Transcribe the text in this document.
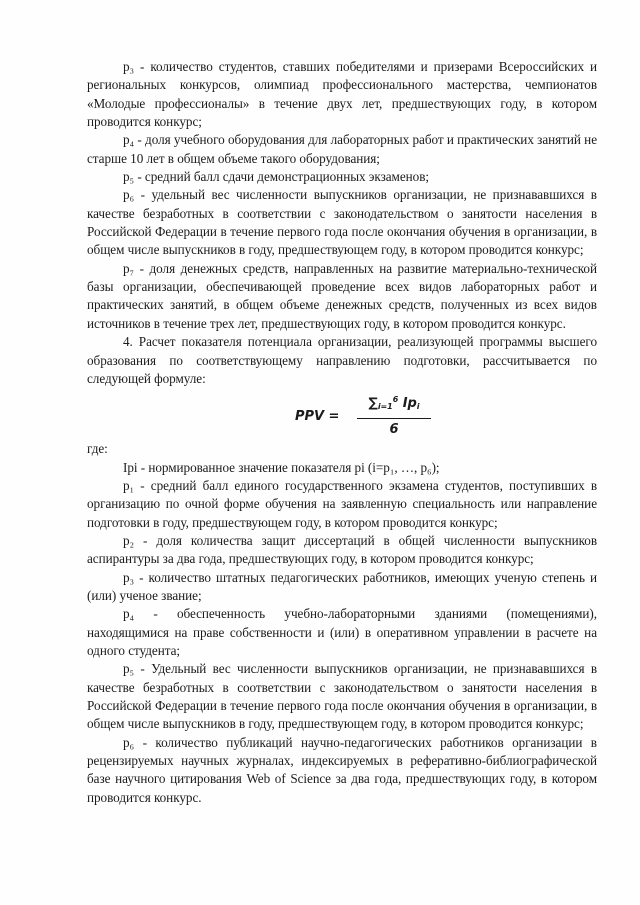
р₃ - количество студентов, ставших победителями и призерами Всероссийских и региональных конкурсов, олимпиад профессионального мастерства, чемпионатов «Молодые профессионалы» в течение двух лет, предшествующих году, в котором проводится конкурс;

р₄ - доля учебного оборудования для лабораторных работ и практических занятий не старше 10 лет в общем объеме такого оборудования;

р₅ - средний балл сдачи демонстрационных экзаменов;

р₆ - удельный вес численности выпускников организации, не признававшихся в качестве безработных в соответствии с законодательством о занятости населения в Российской Федерации в течение первого года после окончания обучения в организации, в общем числе выпускников в году, предшествующем году, в котором проводится конкурс;

р₇ - доля денежных средств, направленных на развитие материально-технической базы организации, обеспечивающей проведение всех видов лабораторных работ и практических занятий, в общем объеме денежных средств, полученных из всех видов источников в течение трех лет, предшествующих году, в котором проводится конкурс.

4. Расчет показателя потенциала организации, реализующей программы высшего образования по соответствующему направлению подготовки, рассчитывается по следующей формуле:

PPV =
$\sum_{i=1}^6$ $Ip_i$
6

где:

Ipi - нормированное значение показателя pi (i=p₁, …, p₆);

р₁ - средний балл единого государственного экзамена студентов, поступивших в организацию по очной форме обучения на заявленную специальность или направление подготовки в году, предшествующем году, в котором проводится конкурс;

р₂ - доля количества защит диссертаций в общей численности выпускников аспирантуры за два года, предшествующих году, в котором проводится конкурс;

р₃ - количество штатных педагогических работников, имеющих ученую степень и (или) ученое звание;

р₄ - обеспеченность учебно-лабораторными зданиями (помещениями), находящимися на праве собственности и (или) в оперативном управлении в расчете на одного студента;

р₅ - Удельный вес численности выпускников организации, не признававшихся в качестве безработных в соответствии с законодательством о занятости населения в Российской Федерации в течение первого года после окончания обучения в организации, в общем числе выпускников в году, предшествующем году, в котором проводится конкурс;

р₆ - количество публикаций научно-педагогических работников организации в рецензируемых научных журналах, индексируемых в реферативно-библиографической базе научного цитирования Web of Science за два года, предшествующих году, в котором проводится конкурс.
